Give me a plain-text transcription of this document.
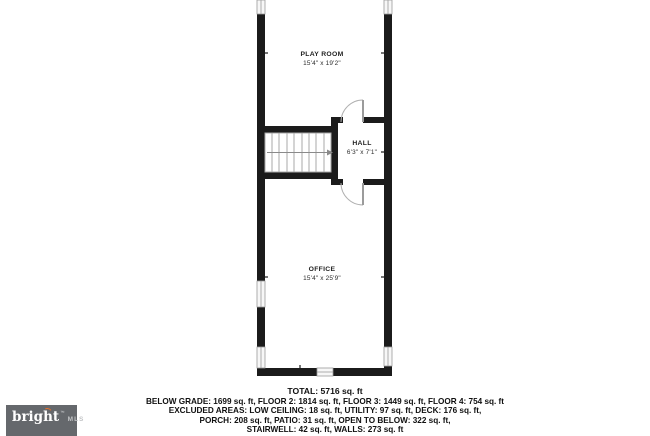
PLAY ROOM
15'4" x 19'2"
HALL
6'3" x 7'1"
OFFICE
15'4" x 25'9"
TOTAL: 5716 sq. ft
BELOW GRADE: 1699 sq. ft, FLOOR 2: 1814 sq. ft, FLOOR 3: 1449 sq. ft, FLOOR 4: 754 sq. ft
EXCLUDED AREAS: LOW CEILING: 18 sq. ft, UTILITY: 97 sq. ft, DECK: 176 sq. ft,
PORCH: 208 sq. ft, PATIO: 31 sq. ft, OPEN TO BELOW: 322 sq. ft,
STAIRWELL: 42 sq. ft, WALLS: 273 sq. ft
bright ™
MLS
